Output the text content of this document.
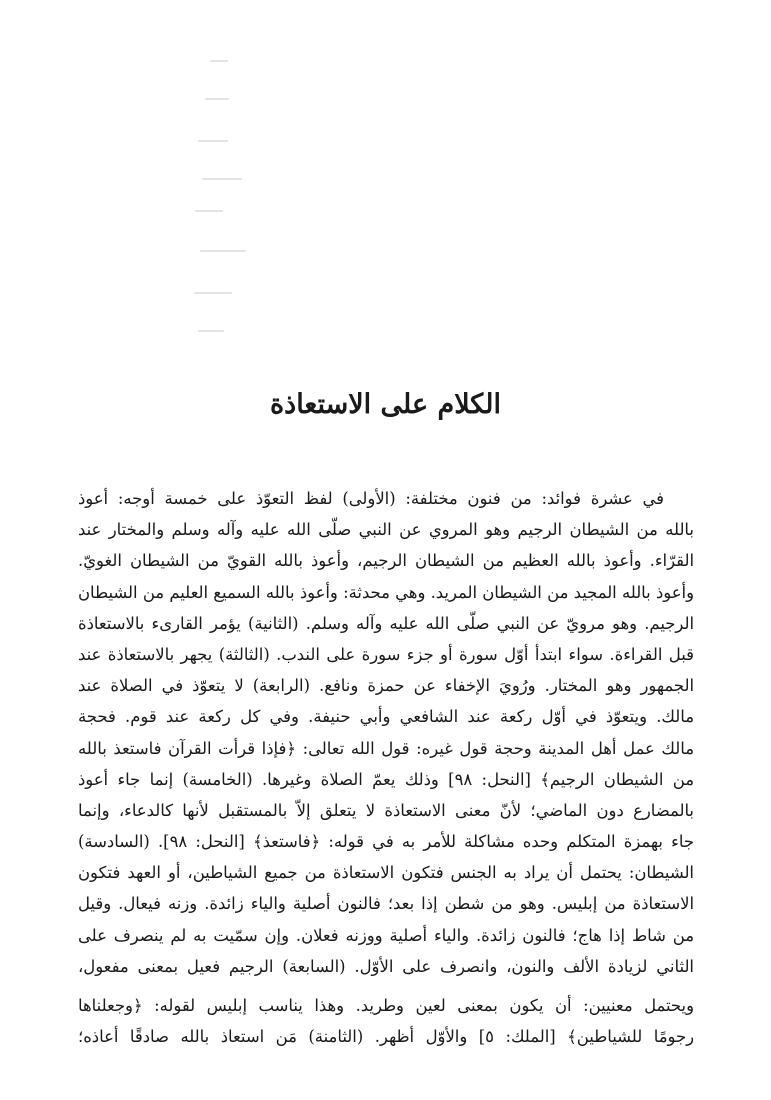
الكلام على الاستعاذة
في عشرة فوائد: من فنون مختلفة: (الأولى) لفظ التعوّذ على خمسة أوجه: أعوذ
بالله من الشيطان الرجيم وهو المروي عن النبي صلّى الله عليه وآله وسلم والمختار عند
القرّاء. وأعوذ بالله العظيم من الشيطان الرجيم، وأعوذ بالله القويّ من الشيطان الغويّ.
وأعوذ بالله المجيد من الشيطان المريد. وهي محدثة: وأعوذ بالله السميع العليم من الشيطان
الرجيم. وهو مرويّ عن النبي صلّى الله عليه وآله وسلم. (الثانية) يؤمر القارىء بالاستعاذة
قبل القراءة. سواء ابتدأ أوّل سورة أو جزء سورة على الندب. (الثالثة) يجهر بالاستعاذة عند
الجمهور وهو المختار. ورُويَ الإخفاء عن حمزة ونافع. (الرابعة) لا يتعوّذ في الصلاة عند
مالك. ويتعوّذ في أوّل ركعة عند الشافعي وأبي حنيفة. وفي كل ركعة عند قوم. فحجة
مالك عمل أهل المدينة وحجة قول غيره: قول الله تعالى: ﴿فإذا قرأت القرآن فاستعذ بالله
من الشيطان الرجيم﴾ [النحل: ٩٨] وذلك يعمّ الصلاة وغيرها. (الخامسة) إنما جاء أعوذ
بالمضارع دون الماضي؛ لأنّ معنى الاستعاذة لا يتعلق إلاّ بالمستقبل لأنها كالدعاء، وإنما
جاء بهمزة المتكلم وحده مشاكلة للأمر به في قوله: ﴿فاستعذ﴾ [النحل: ٩٨]. (السادسة)
الشيطان: يحتمل أن يراد به الجنس فتكون الاستعاذة من جميع الشياطين، أو العهد فتكون
الاستعاذة من إبليس. وهو من شطن إذا بعد؛ فالنون أصلية والياء زائدة. وزنه فيعال. وقيل
من شاط إذا هاج؛ فالنون زائدة. والياء أصلية ووزنه فعلان. وإن سمّيت به لم ينصرف على
الثاني لزيادة الألف والنون، وانصرف على الأوّل. (السابعة) الرجيم فعيل بمعنى مفعول،
ويحتمل معنيين: أن يكون بمعنى لعين وطريد. وهذا يناسب إبليس لقوله: ﴿وجعلناها
رجومًا للشياطين﴾ [الملك: ٥] والأوّل أظهر. (الثامنة) مَن استعاذ بالله صادقًا أعاذه؛
